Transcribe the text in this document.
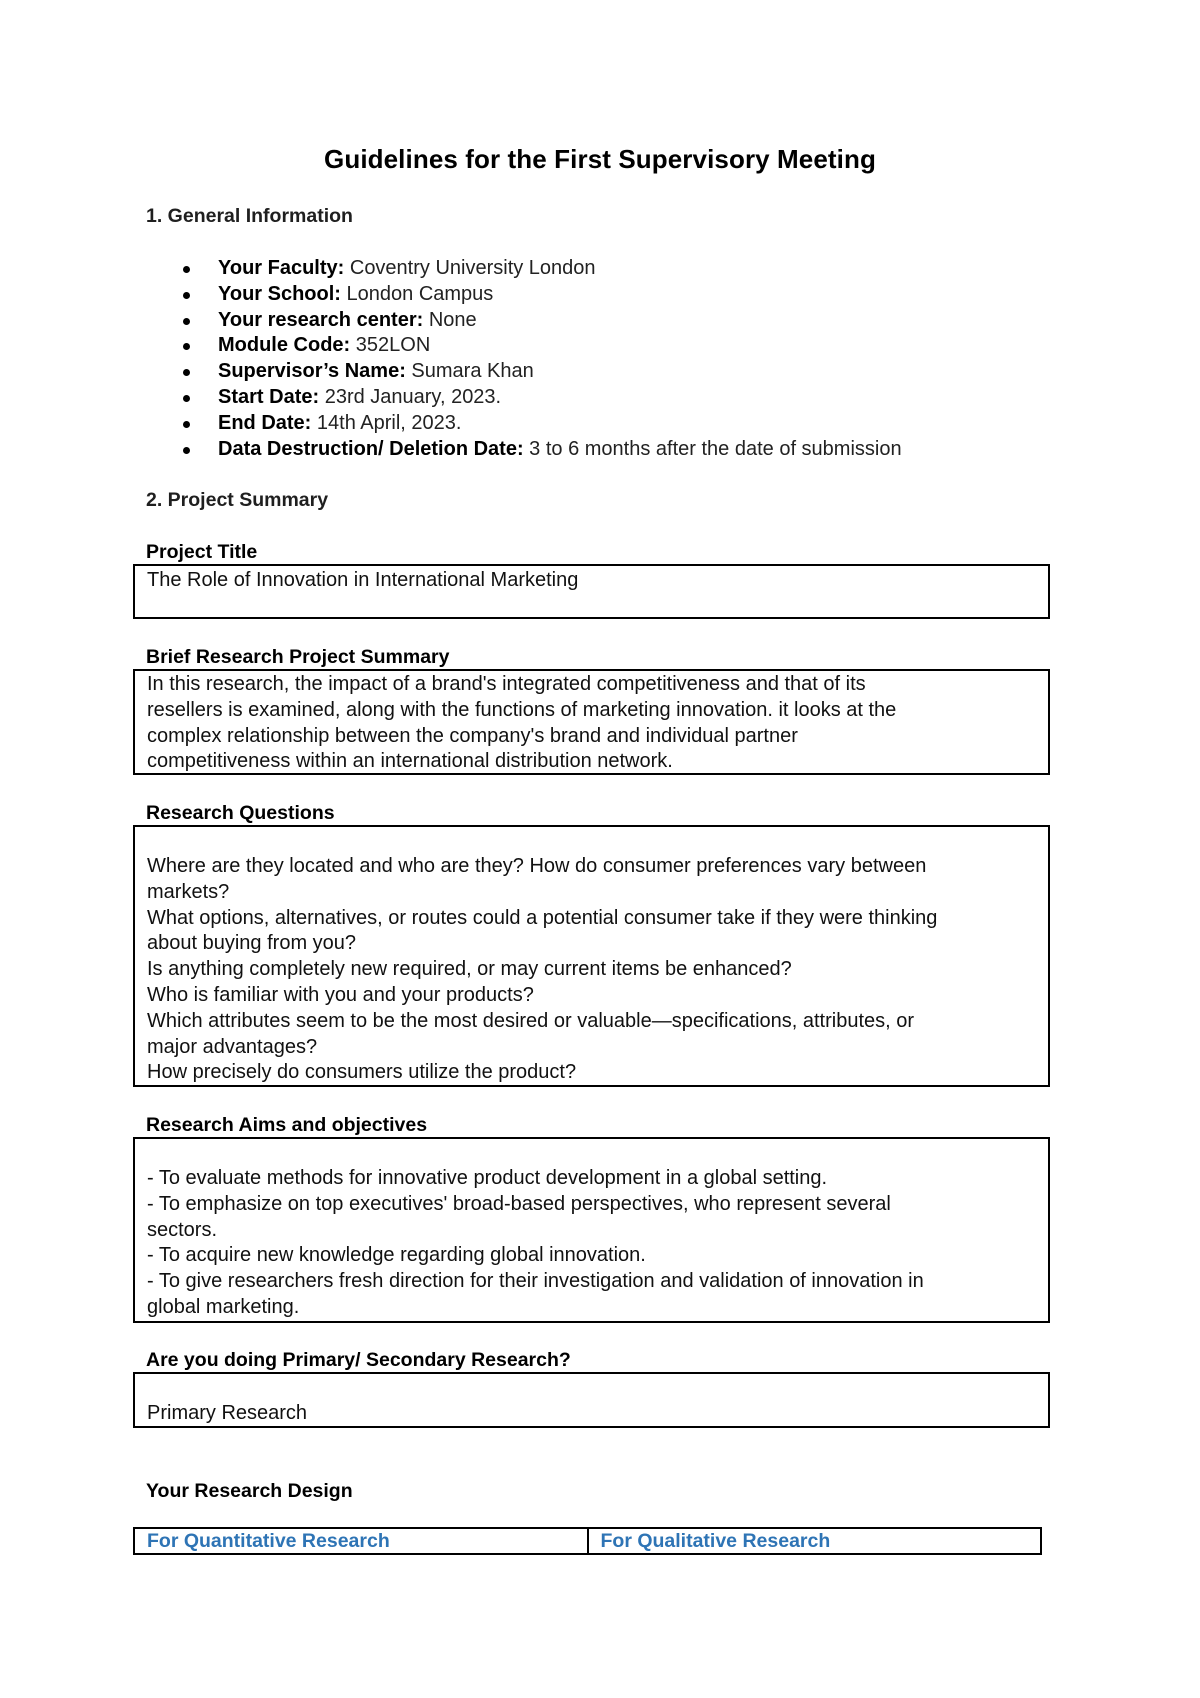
Guidelines for the First Supervisory Meeting
1. General Information
Your Faculty: Coventry University London
Your School: London Campus
Your research center: None
Module Code: 352LON
Supervisor’s Name: Sumara Khan
Start Date: 23rd January, 2023.
End Date: 14th April, 2023.
Data Destruction/ Deletion Date: 3 to 6 months after the date of submission
2. Project Summary
Project Title

The Role of Innovation in International Marketing

Brief Research Project Summary

In this research, the impact of a brand's integrated competitiveness and that of its

resellers is examined, along with the functions of marketing innovation. it looks at the

complex relationship between the company's brand and individual partner

competitiveness within an international distribution network.

Research Questions

Where are they located and who are they? How do consumer preferences vary between

markets?

What options, alternatives, or routes could a potential consumer take if they were thinking

about buying from you?

Is anything completely new required, or may current items be enhanced?

Who is familiar with you and your products?

Which attributes seem to be the most desired or valuable—specifications, attributes, or

major advantages?

How precisely do consumers utilize the product?

Research Aims and objectives

- To evaluate methods for innovative product development in a global setting.

- To emphasize on top executives' broad-based perspectives, who represent several

sectors.

- To acquire new knowledge regarding global innovation.

- To give researchers fresh direction for their investigation and validation of innovation in

global marketing.

Are you doing Primary/ Secondary Research?

Primary Research

Your Research Design
For Quantitative Research	For Qualitative Research
